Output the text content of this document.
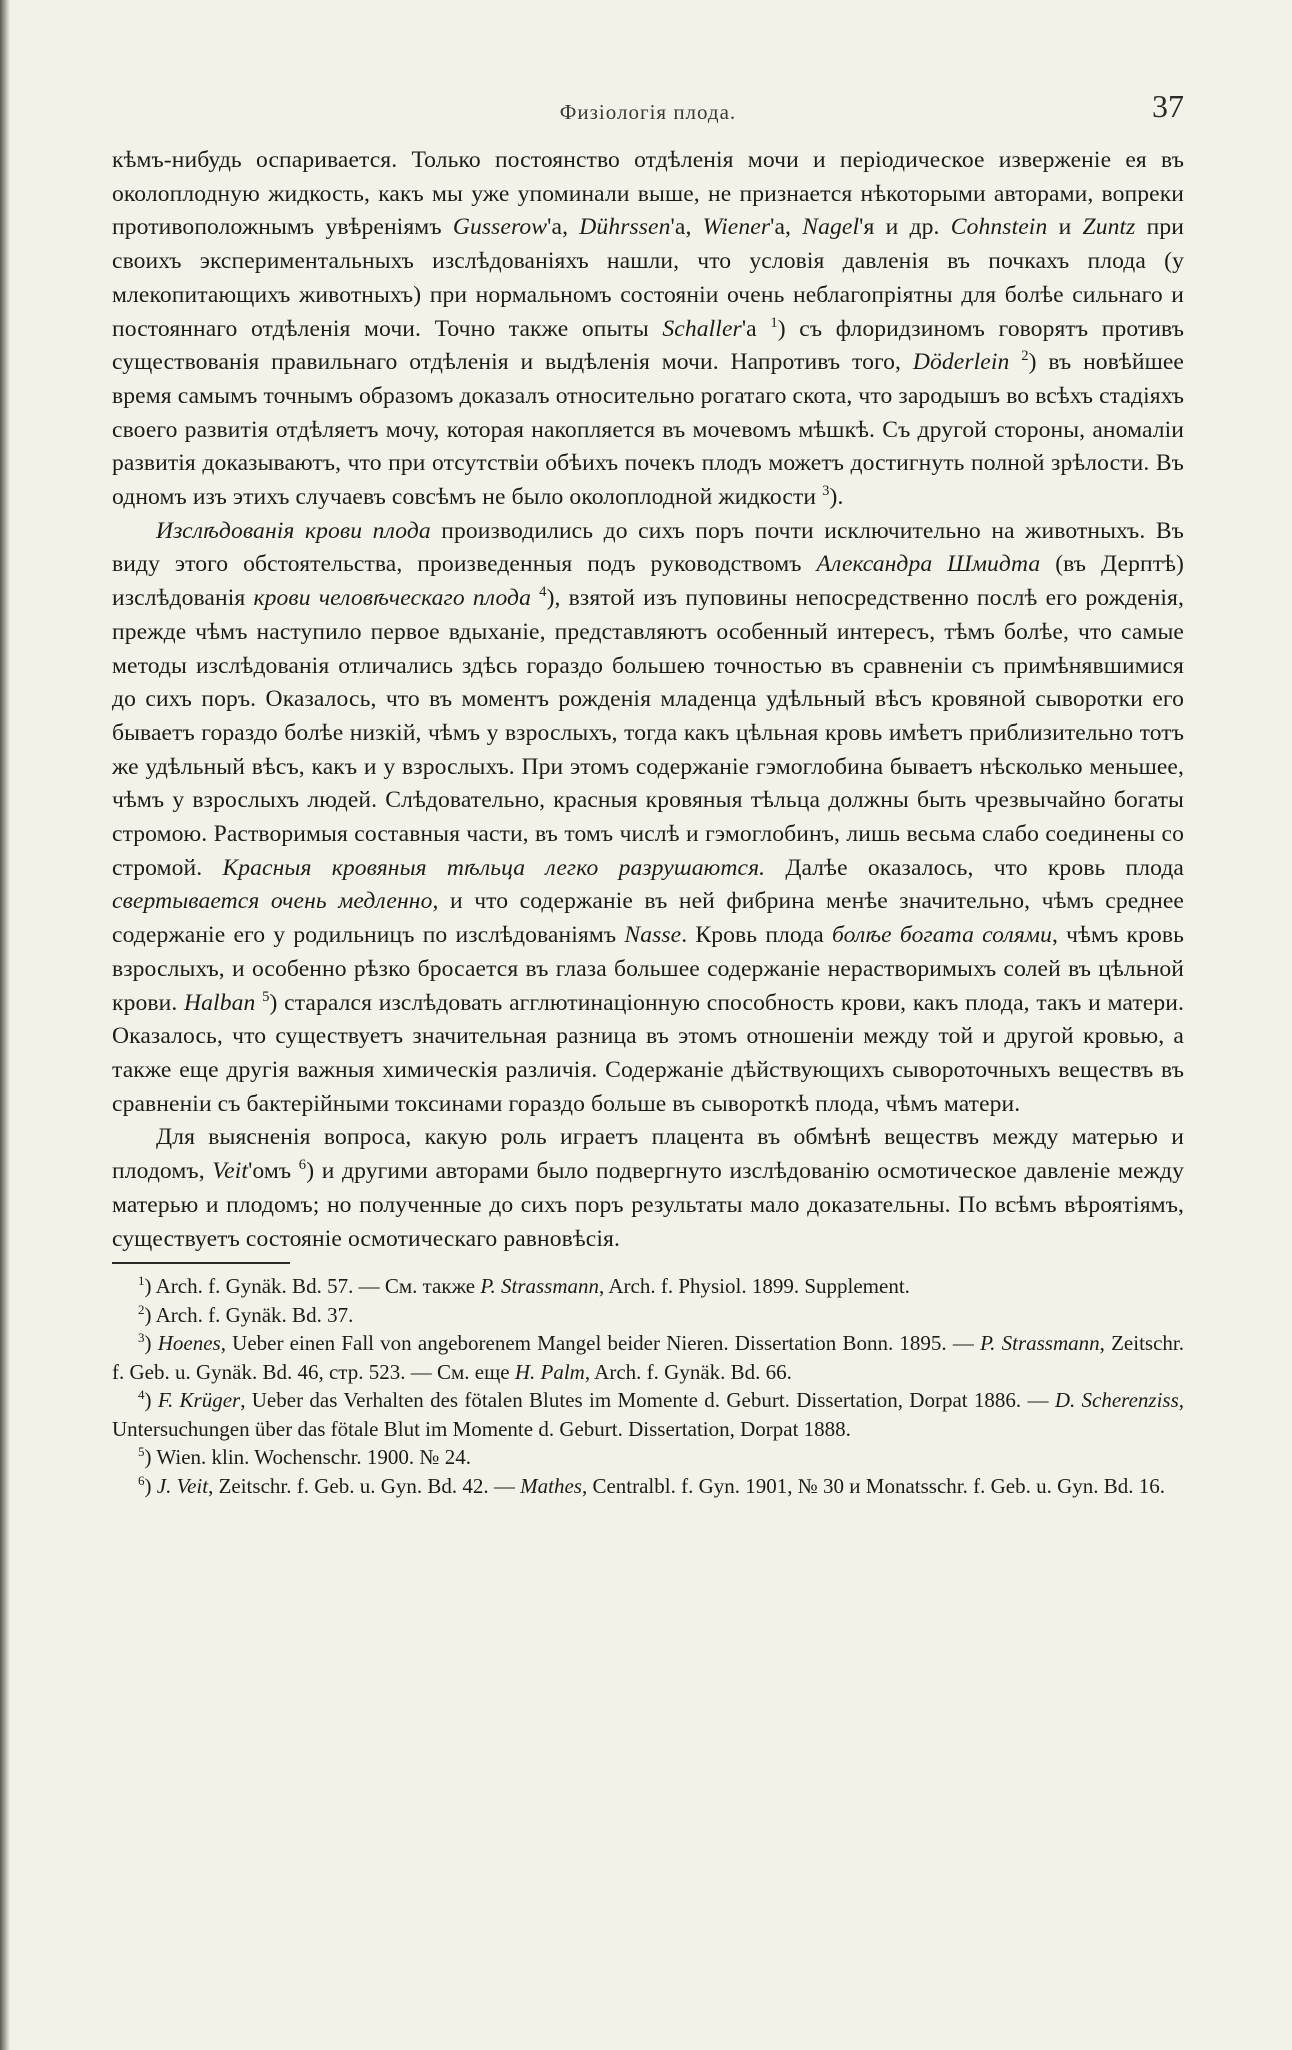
Физіологія плода.	37

кѣмъ-нибудь оспаривается. Только постоянство отдѣленія мочи и періодическое изверженіе ея въ околоплодную жидкость, какъ мы уже упоминали выше, не признается нѣкоторыми авторами, вопреки противоположнымъ увѣреніямъ Gusserow'а, Dührssen'а, Wiener'а, Nagel'я и др. Cohnstein и Zuntz при своихъ экспериментальныхъ изслѣдованіяхъ нашли, что условія давленія въ почкахъ плода (у млекопитающихъ животныхъ) при нормальномъ состояніи очень неблагопріятны для болѣе сильнаго и постояннаго отдѣленія мочи. Точно также опыты Schaller'а $^1$) съ флоридзиномъ говорятъ противъ существованія правильнаго отдѣленія и выдѣленія мочи. Напротивъ того, Döderlein $^2$) въ новѣйшее время самымъ точнымъ образомъ доказалъ относительно рогатаго скота, что зародышъ во всѣхъ стадіяхъ своего развитія отдѣляетъ мочу, которая накопляется въ мочевомъ мѣшкѣ. Съ другой стороны, аномаліи развитія доказываютъ, что при отсутствіи обѣихъ почекъ плодъ можетъ достигнуть полной зрѣлости. Въ одномъ изъ этихъ случаевъ совсѣмъ не было околоплодной жидкости $^3$).

Изслѣдованія крови плода производились до сихъ поръ почти исключительно на животныхъ. Въ виду этого обстоятельства, произведенныя подъ руководствомъ Александра Шмидта (въ Дерптѣ) изслѣдованія крови человѣческаго плода $^4$), взятой изъ пуповины непосредственно послѣ его рожденія, прежде чѣмъ наступило первое вдыханіе, представляютъ особенный интересъ, тѣмъ болѣе, что самые методы изслѣдованія отличались здѣсь гораздо большею точностью въ сравненіи съ примѣнявшимися до сихъ поръ. Оказалось, что въ моментъ рожденія младенца удѣльный вѣсъ кровяной сыворотки его бываетъ гораздо болѣе низкій, чѣмъ у взрослыхъ, тогда какъ цѣльная кровь имѣетъ приблизительно тотъ же удѣльный вѣсъ, какъ и у взрослыхъ. При этомъ содержаніе гэмоглобина бываетъ нѣсколько меньшее, чѣмъ у взрослыхъ людей. Слѣдовательно, красныя кровяныя тѣльца должны быть чрезвычайно богаты стромою. Растворимыя составныя части, въ томъ числѣ и гэмоглобинъ, лишь весьма слабо соединены со стромой. Красныя кровяныя тѣльца легко разрушаются. Далѣе оказалось, что кровь плода свертывается очень медленно, и что содержаніе въ ней фибрина менѣе значительно, чѣмъ среднее содержаніе его у родильницъ по изслѣдованіямъ Nasse. Кровь плода болѣе богата солями, чѣмъ кровь взрослыхъ, и особенно рѣзко бросается въ глаза большее содержаніе нерастворимыхъ солей въ цѣльной крови. Halban $^5$) старался изслѣдовать агглютинаціонную способность крови, какъ плода, такъ и матери. Оказалось, что существуетъ значительная разница въ этомъ отношеніи между той и другой кровью, а также еще другія важныя химическія различія. Содержаніе дѣйствующихъ сывороточныхъ веществъ въ сравненіи съ бактерійными токсинами гораздо больше въ сывороткѣ плода, чѣмъ матери.

Для выясненія вопроса, какую роль играетъ плацента въ обмѣнѣ веществъ между матерью и плодомъ, Veit'омъ $^6$) и другими авторами было подвергнуто изслѣдованію осмотическое давленіе между матерью и плодомъ; но полученные до сихъ поръ результаты мало доказательны. По всѣмъ вѣроятіямъ, существуетъ состояніе осмотическаго равновѣсія.

$^1$) Arch. f. Gynäk. Bd. 57. — См. также P. Strassmann, Arch. f. Physiol. 1899. Supplement.

$^2$) Arch. f. Gynäk. Bd. 37.

$^3$) Hoenes, Ueber einen Fall von angeborenem Mangel beider Nieren. Dissertation Bonn. 1895. — P. Strassmann, Zeitschr. f. Geb. u. Gynäk. Bd. 46, стр. 523. — См. еще H. Palm, Arch. f. Gynäk. Bd. 66.

$^4$) F. Krüger, Ueber das Verhalten des fötalen Blutes im Momente d. Geburt. Dissertation, Dorpat 1886. — D. Scherenziss, Untersuchungen über das fötale Blut im Momente d. Geburt. Dissertation, Dorpat 1888.

$^5$) Wien. klin. Wochenschr. 1900. № 24.

$^6$) J. Veit, Zeitschr. f. Geb. u. Gyn. Bd. 42. — Mathes, Centralbl. f. Gyn. 1901, № 30 и Monatsschr. f. Geb. u. Gyn. Bd. 16.
